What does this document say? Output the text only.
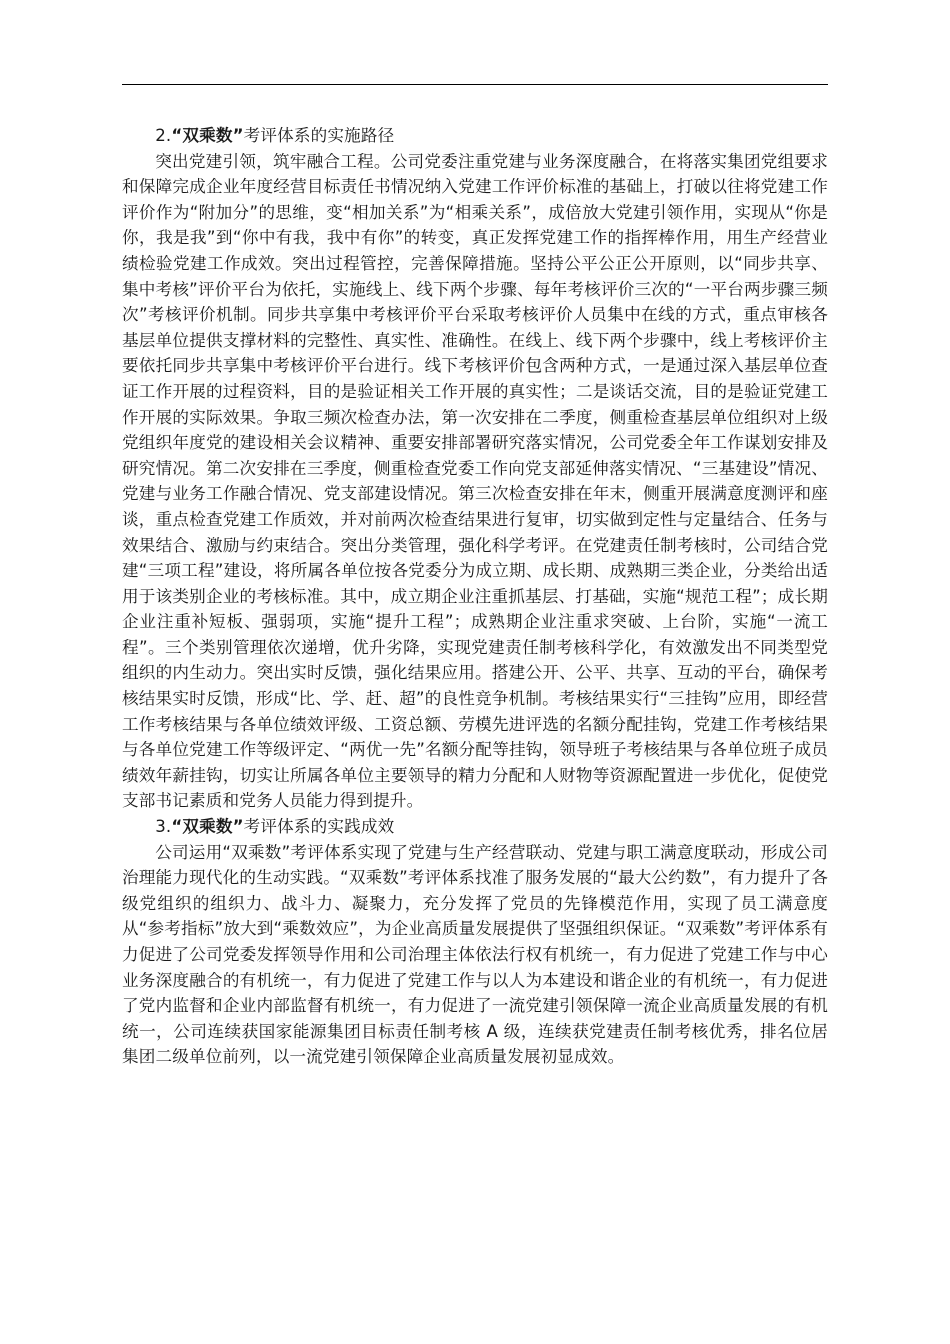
2.“双乘数”考评体系的实施路径

突出党建引领，筑牢融合工程。公司党委注重党建与业务深度融合，在将落实集团党组要求和保障完成企业年度经营目标责任书情况纳入党建工作评价标准的基础上，打破以往将党建工作评价作为“附加分”的思维，变“相加关系”为“相乘关系”，成倍放大党建引领作用，实现从“你是你，我是我”到“你中有我，我中有你”的转变，真正发挥党建工作的指挥棒作用，用生产经营业绩检验党建工作成效。突出过程管控，完善保障措施。坚持公平公正公开原则，以“同步共享、集中考核”评价平台为依托，实施线上、线下两个步骤、每年考核评价三次的“一平台两步骤三频次”考核评价机制。同步共享集中考核评价平台采取考核评价人员集中在线的方式，重点审核各基层单位提供支撑材料的完整性、真实性、准确性。在线上、线下两个步骤中，线上考核评价主要依托同步共享集中考核评价平台进行。线下考核评价包含两种方式，一是通过深入基层单位查证工作开展的过程资料，目的是验证相关工作开展的真实性；二是谈话交流，目的是验证党建工作开展的实际效果。争取三频次检查办法，第一次安排在二季度，侧重检查基层单位组织对上级党组织年度党的建设相关会议精神、重要安排部署研究落实情况，公司党委全年工作谋划安排及研究情况。第二次安排在三季度，侧重检查党委工作向党支部延伸落实情况、“三基建设”情况、党建与业务工作融合情况、党支部建设情况。第三次检查安排在年末，侧重开展满意度测评和座谈，重点检查党建工作质效，并对前两次检查结果进行复审，切实做到定性与定量结合、任务与效果结合、激励与约束结合。突出分类管理，强化科学考评。在党建责任制考核时，公司结合党建“三项工程”建设，将所属各单位按各党委分为成立期、成长期、成熟期三类企业，分类给出适用于该类别企业的考核标准。其中，成立期企业注重抓基层、打基础，实施“规范工程”；成长期企业注重补短板、强弱项，实施“提升工程”；成熟期企业注重求突破、上台阶，实施“一流工程”。三个类别管理依次递增，优升劣降，实现党建责任制考核科学化，有效激发出不同类型党组织的内生动力。突出实时反馈，强化结果应用。搭建公开、公平、共享、互动的平台，确保考核结果实时反馈，形成“比、学、赶、超”的良性竞争机制。考核结果实行“三挂钩”应用，即经营工作考核结果与各单位绩效评级、工资总额、劳模先进评选的名额分配挂钩，党建工作考核结果与各单位党建工作等级评定、“两优一先”名额分配等挂钩，领导班子考核结果与各单位班子成员绩效年薪挂钩，切实让所属各单位主要领导的精力分配和人财物等资源配置进一步优化，促使党支部书记素质和党务人员能力得到提升。

3.“双乘数”考评体系的实践成效

公司运用“双乘数”考评体系实现了党建与生产经营联动、党建与职工满意度联动，形成公司治理能力现代化的生动实践。“双乘数”考评体系找准了服务发展的“最大公约数”，有力提升了各级党组织的组织力、战斗力、凝聚力，充分发挥了党员的先锋模范作用，实现了员工满意度从“参考指标”放大到“乘数效应”，为企业高质量发展提供了坚强组织保证。“双乘数”考评体系有力促进了公司党委发挥领导作用和公司治理主体依法行权有机统一，有力促进了党建工作与中心业务深度融合的有机统一，有力促进了党建工作与以人为本建设和谐企业的有机统一，有力促进了党内监督和企业内部监督有机统一，有力促进了一流党建引领保障一流企业高质量发展的有机统一，公司连续获国家能源集团目标责任制考核 A 级，连续获党建责任制考核优秀，排名位居集团二级单位前列，以一流党建引领保障企业高质量发展初显成效。
